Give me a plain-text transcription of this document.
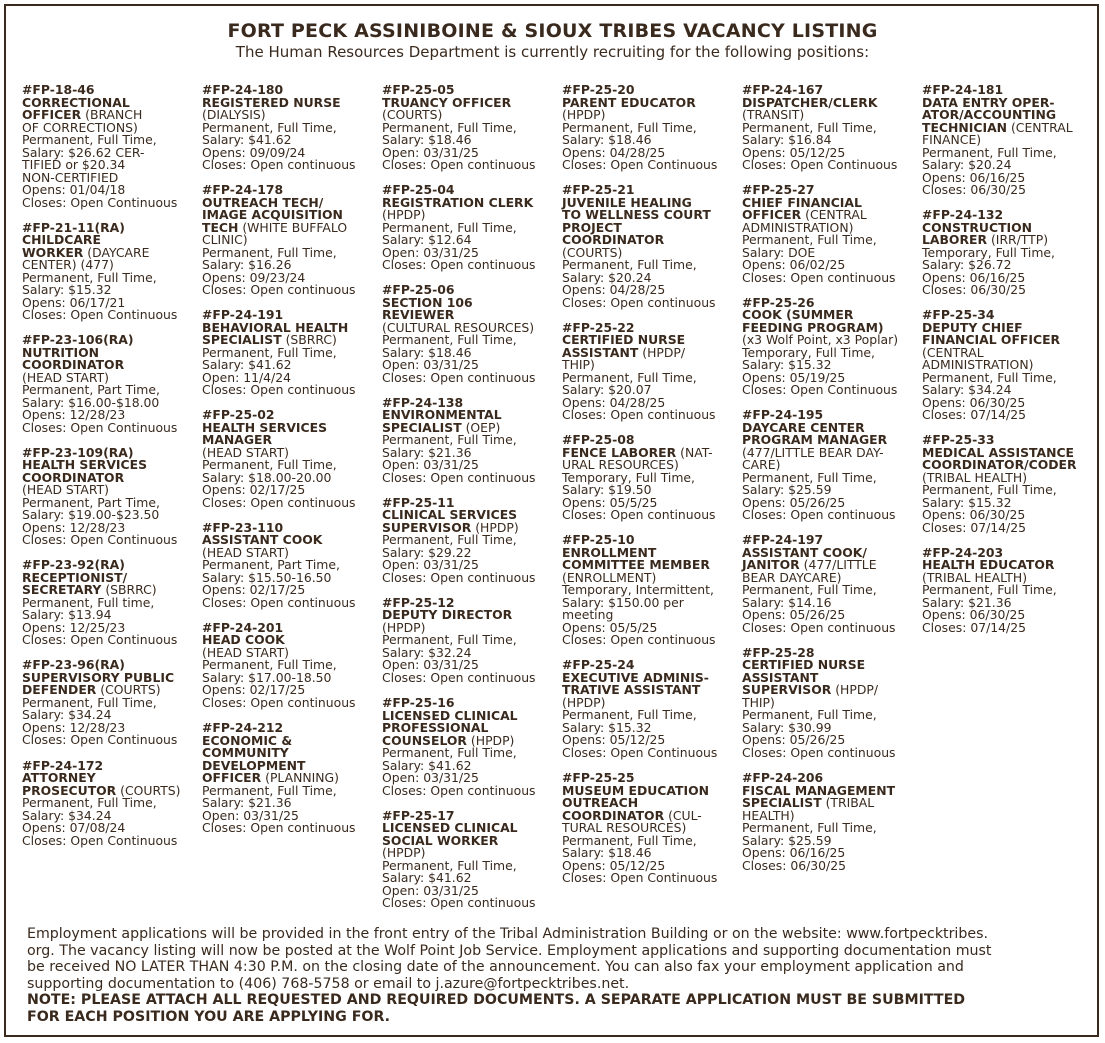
FORT PECK ASSINIBOINE & SIOUX TRIBES VACANCY LISTING
The Human Resources Department is currently recruiting for the following positions:
#FP-18-46
CORRECTIONAL
OFFICER (BRANCH
OF CORRECTIONS)
Permanent, Full Time,
Salary: $26.62 CER-
TIFIED or $20.34
NON-CERTIFIED
Opens: 01/04/18
Closes: Open Continuous
#FP-21-11(RA)
CHILDCARE
WORKER (DAYCARE
CENTER) (477)
Permanent, Full Time,
Salary: $15.32
Opens: 06/17/21
Closes: Open Continuous
#FP-23-106(RA)
NUTRITION
COORDINATOR
(HEAD START)
Permanent, Part Time,
Salary: $16.00-$18.00
Opens: 12/28/23
Closes: Open Continuous
#FP-23-109(RA)
HEALTH SERVICES
COORDINATOR
(HEAD START)
Permanent, Part Time,
Salary: $19.00-$23.50
Opens: 12/28/23
Closes: Open Continuous
#FP-23-92(RA)
RECEPTIONIST/
SECRETARY (SBRRC)
Permanent, Full time,
Salary: $13.94
Opens: 12/25/23
Closes: Open Continuous
#FP-23-96(RA)
SUPERVISORY PUBLIC
DEFENDER (COURTS)
Permanent, Full Time,
Salary: $34.24
Opens: 12/28/23
Closes: Open Continuous
#FP-24-172
ATTORNEY
PROSECUTOR (COURTS)
Permanent, Full Time,
Salary: $34.24
Opens: 07/08/24
Closes: Open Continuous
#FP-24-180
REGISTERED NURSE
(DIALYSIS)
Permanent, Full Time,
Salary: $41.62
Opens: 09/09/24
Closes: Open continuous
#FP-24-178
OUTREACH TECH/
IMAGE ACQUISITION
TECH (WHITE BUFFALO
CLINIC)
Permanent, Full Time,
Salary: $16.26
Opens: 09/23/24
Closes: Open continuous
#FP-24-191
BEHAVIORAL HEALTH
SPECIALIST (SBRRC)
Permanent, Full Time,
Salary: $41.62
Open: 11/4/24
Closes: Open continuous
#FP-25-02
HEALTH SERVICES
MANAGER
(HEAD START)
Permanent, Full Time,
Salary: $18.00-20.00
Opens: 02/17/25
Closes: Open continuous
#FP-23-110
ASSISTANT COOK
(HEAD START)
Permanent, Part Time,
Salary: $15.50-16.50
Opens: 02/17/25
Closes: Open continuous
#FP-24-201
HEAD COOK
(HEAD START)
Permanent, Full Time,
Salary: $17.00-18.50
Opens: 02/17/25
Closes: Open continuous
#FP-24-212
ECONOMIC &
COMMUNITY
DEVELOPMENT
OFFICER (PLANNING)
Permanent, Full Time,
Salary: $21.36
Open: 03/31/25
Closes: Open continuous
#FP-25-05
TRUANCY OFFICER
(COURTS)
Permanent, Full Time,
Salary: $18.46
Open: 03/31/25
Closes: Open continuous
#FP-25-04
REGISTRATION CLERK
(HPDP)
Permanent, Full Time,
Salary: $12.64
Open: 03/31/25
Closes: Open continuous
#FP-25-06
SECTION 106
REVIEWER
(CULTURAL RESOURCES)
Permanent, Full Time,
Salary: $18.46
Open: 03/31/25
Closes: Open continuous
#FP-24-138
ENVIRONMENTAL
SPECIALIST (OEP)
Permanent, Full Time,
Salary: $21.36
Open: 03/31/25
Closes: Open continuous
#FP-25-11
CLINICAL SERVICES
SUPERVISOR (HPDP)
Permanent, Full Time,
Salary: $29.22
Open: 03/31/25
Closes: Open continuous
#FP-25-12
DEPUTY DIRECTOR
(HPDP)
Permanent, Full Time,
Salary: $32.24
Open: 03/31/25
Closes: Open continuous
#FP-25-16
LICENSED CLINICAL
PROFESSIONAL
COUNSELOR (HPDP)
Permanent, Full Time,
Salary: $41.62
Open: 03/31/25
Closes: Open continuous
#FP-25-17
LICENSED CLINICAL
SOCIAL WORKER
(HPDP)
Permanent, Full Time,
Salary: $41.62
Open: 03/31/25
Closes: Open continuous
#FP-25-20
PARENT EDUCATOR
(HPDP)
Permanent, Full Time,
Salary: $18.46
Opens: 04/28/25
Closes: Open Continuous
#FP-25-21
JUVENILE HEALING
TO WELLNESS COURT
PROJECT
COORDINATOR
(COURTS)
Permanent, Full Time,
Salary: $20.24
Opens: 04/28/25
Closes: Open continuous
#FP-25-22
CERTIFIED NURSE
ASSISTANT (HPDP/
THIP)
Permanent, Full Time,
Salary: $20.07
Opens: 04/28/25
Closes: Open continuous
#FP-25-08
FENCE LABORER (NAT-
URAL RESOURCES)
Temporary, Full Time,
Salary: $19.50
Opens: 05/5/25
Closes: Open continuous
#FP-25-10
ENROLLMENT
COMMITTEE MEMBER
(ENROLLMENT)
Temporary, Intermittent,
Salary: $150.00 per
meeting
Opens: 05/5/25
Closes: Open continuous
#FP-25-24
EXECUTIVE ADMINIS-
TRATIVE ASSISTANT
(HPDP)
Permanent, Full Time,
Salary: $15.32
Opens: 05/12/25
Closes: Open Continuous
#FP-25-25
MUSEUM EDUCATION
OUTREACH
COORDINATOR (CUL-
TURAL RESOURCES)
Permanent, Full Time,
Salary: $18.46
Opens: 05/12/25
Closes: Open Continuous
#FP-24-167
DISPATCHER/CLERK
(TRANSIT)
Permanent, Full Time,
Salary: $16.84
Opens: 05/12/25
Closes: Open Continuous
#FP-25-27
CHIEF FINANCIAL
OFFICER (CENTRAL
ADMINISTRATION)
Permanent, Full Time,
Salary: DOE
Opens: 06/02/25
Closes: Open continuous
#FP-25-26
COOK (SUMMER
FEEDING PROGRAM)
(x3 Wolf Point, x3 Poplar)
Temporary, Full Time,
Salary: $15.32
Opens: 05/19/25
Closes: Open Continuous
#FP-24-195
DAYCARE CENTER
PROGRAM MANAGER
(477/LITTLE BEAR DAY-
CARE)
Permanent, Full Time,
Salary: $25.59
Opens: 05/26/25
Closes: Open continuous
#FP-24-197
ASSISTANT COOK/
JANITOR (477/LITTLE
BEAR DAYCARE)
Permanent, Full Time,
Salary: $14.16
Opens: 05/26/25
Closes: Open continuous
#FP-25-28
CERTIFIED NURSE
ASSISTANT
SUPERVISOR (HPDP/
THIP)
Permanent, Full Time,
Salary: $30.99
Opens: 05/26/25
Closes: Open continuous
#FP-24-206
FISCAL MANAGEMENT
SPECIALIST (TRIBAL
HEALTH)
Permanent, Full Time,
Salary: $25.59
Opens: 06/16/25
Closes: 06/30/25
#FP-24-181
DATA ENTRY OPER-
ATOR/ACCOUNTING
TECHNICIAN (CENTRAL
FINANCE)
Permanent, Full Time,
Salary: $20.24
Opens: 06/16/25
Closes: 06/30/25
#FP-24-132
CONSTRUCTION
LABORER (IRR/TTP)
Temporary, Full Time,
Salary: $26.72
Opens: 06/16/25
Closes: 06/30/25
#FP-25-34
DEPUTY CHIEF
FINANCIAL OFFICER
(CENTRAL
ADMINISTRATION)
Permanent, Full Time,
Salary: $34.24
Opens: 06/30/25
Closes: 07/14/25
#FP-25-33
MEDICAL ASSISTANCE
COORDINATOR/CODER
(TRIBAL HEALTH)
Permanent, Full Time,
Salary: $15.32
Opens: 06/30/25
Closes: 07/14/25
#FP-24-203
HEALTH EDUCATOR
(TRIBAL HEALTH)
Permanent, Full Time,
Salary: $21.36
Opens: 06/30/25
Closes: 07/14/25
Employment applications will be provided in the front entry of the Tribal Administration Building or on the website: www.fortpecktribes.
org. The vacancy listing will now be posted at the Wolf Point Job Service. Employment applications and supporting documentation must
be received NO LATER THAN 4:30 P.M. on the closing date of the announcement. You can also fax your employment application and
supporting documentation to (406) 768-5758 or email to j.azure@fortpecktribes.net.
NOTE: PLEASE ATTACH ALL REQUESTED AND REQUIRED DOCUMENTS. A SEPARATE APPLICATION MUST BE SUBMITTED
FOR EACH POSITION YOU ARE APPLYING FOR.
